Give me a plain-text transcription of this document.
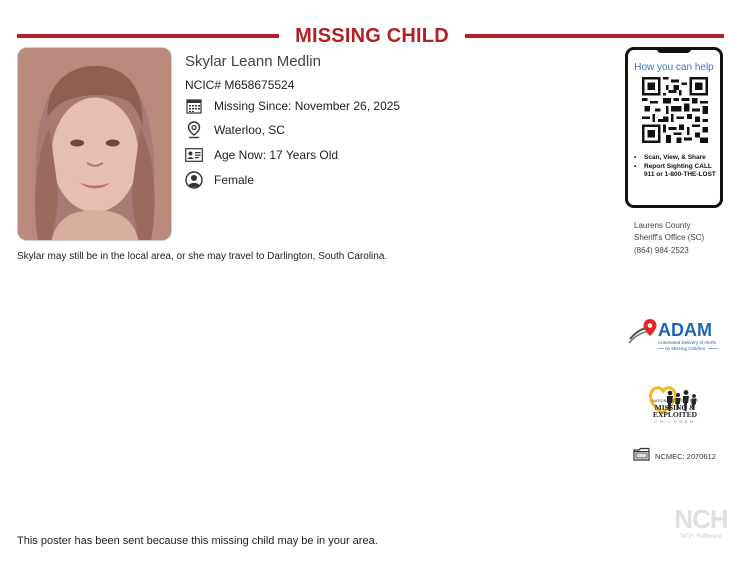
MISSING CHILD
Skylar Leann Medlin
NCIC# M658675524
Missing Since: November 26, 2025
Waterloo, SC
Age Now: 17 Years Old
Female
Skylar may still be in the local area, or she may travel to Darlington, South Carolina.
How you can help
• Scan, View, & Share
• Report Sighting CALL 911 or 1-800-THE-LOST
Laurens County
Sheriff's Office (SC)
(864) 984-2523
ADAM
Automated Delivery of Alerts
on Missing Children
NATIONAL CENTER FOR
MISSING &
EXPLOITED
CHILDREN
NCMEC: 2070612
This poster has been sent because this missing child may be in your area.
NCH
NCH Software
